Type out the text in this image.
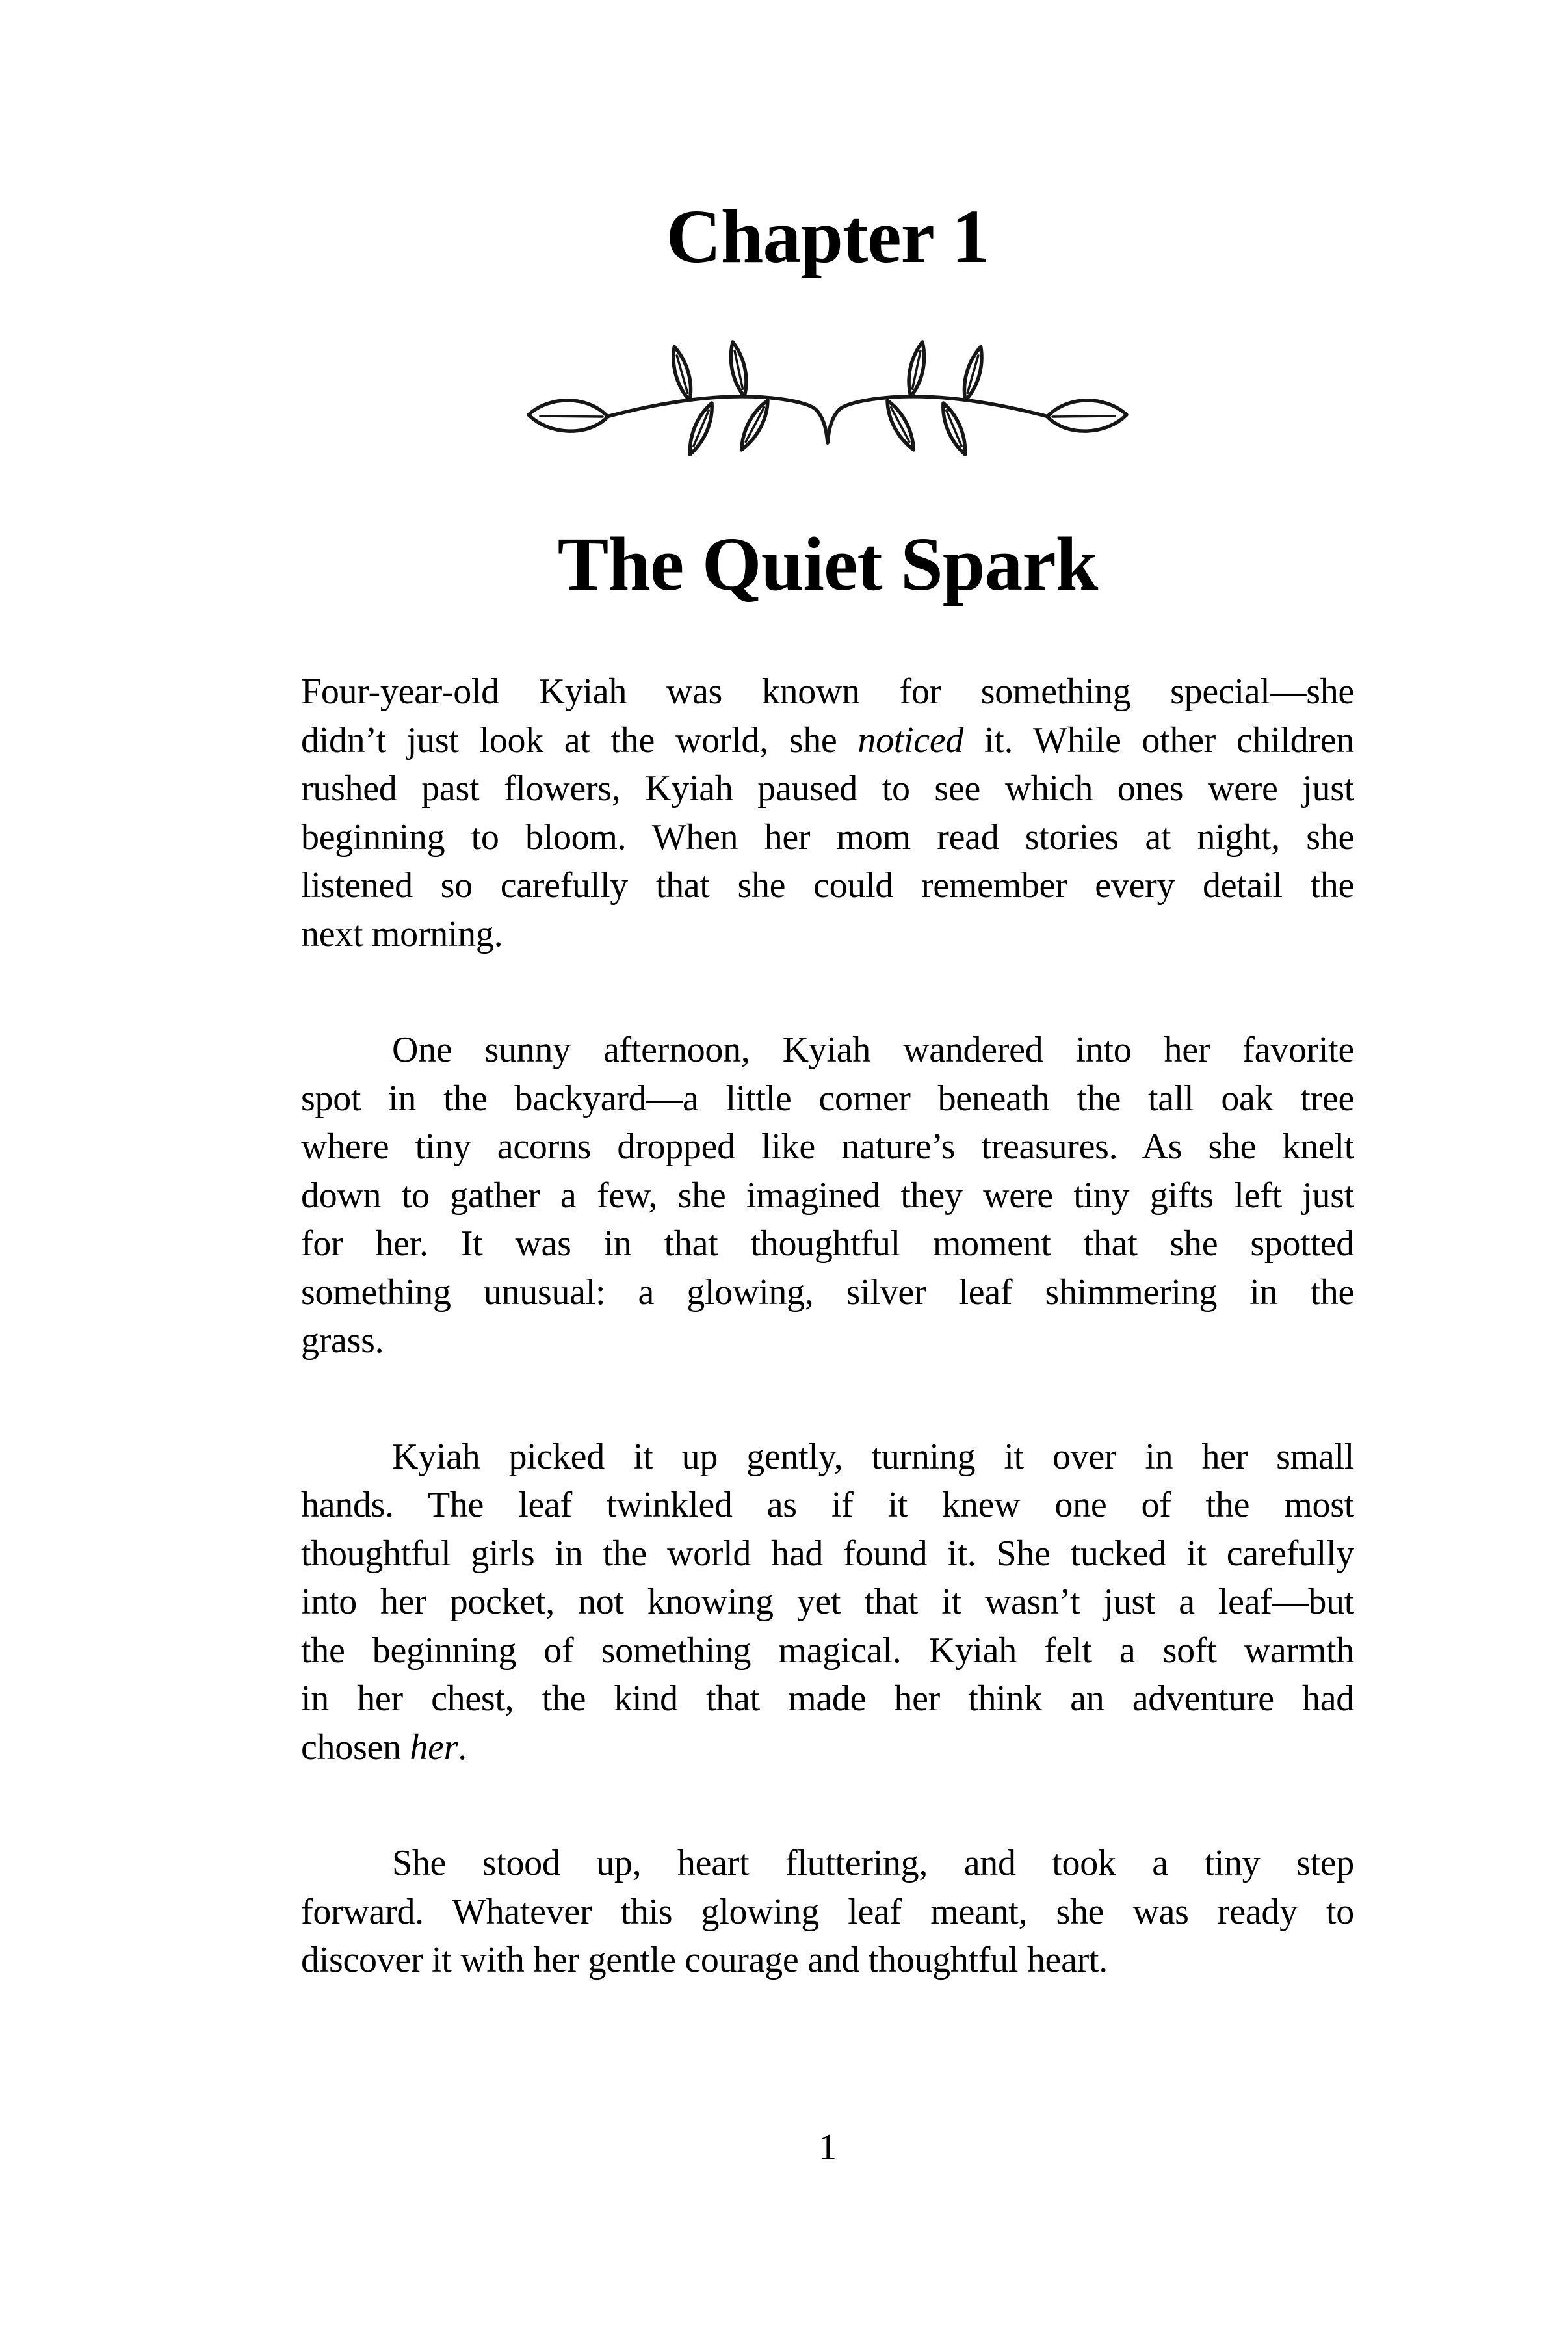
Chapter 1
The Quiet Spark
Four-year-old Kyiah was known for something special—she
didn’t just look at the world, she noticed it. While other children
rushed past flowers, Kyiah paused to see which ones were just
beginning to bloom. When her mom read stories at night, she
listened so carefully that she could remember every detail the
next morning.
One sunny afternoon, Kyiah wandered into her favorite
spot in the backyard—a little corner beneath the tall oak tree
where tiny acorns dropped like nature’s treasures. As she knelt
down to gather a few, she imagined they were tiny gifts left just
for her. It was in that thoughtful moment that she spotted
something unusual: a glowing, silver leaf shimmering in the
grass.
Kyiah picked it up gently, turning it over in her small
hands. The leaf twinkled as if it knew one of the most
thoughtful girls in the world had found it. She tucked it carefully
into her pocket, not knowing yet that it wasn’t just a leaf—but
the beginning of something magical. Kyiah felt a soft warmth
in her chest, the kind that made her think an adventure had
chosen her.
She stood up, heart fluttering, and took a tiny step
forward. Whatever this glowing leaf meant, she was ready to
discover it with her gentle courage and thoughtful heart.
1
